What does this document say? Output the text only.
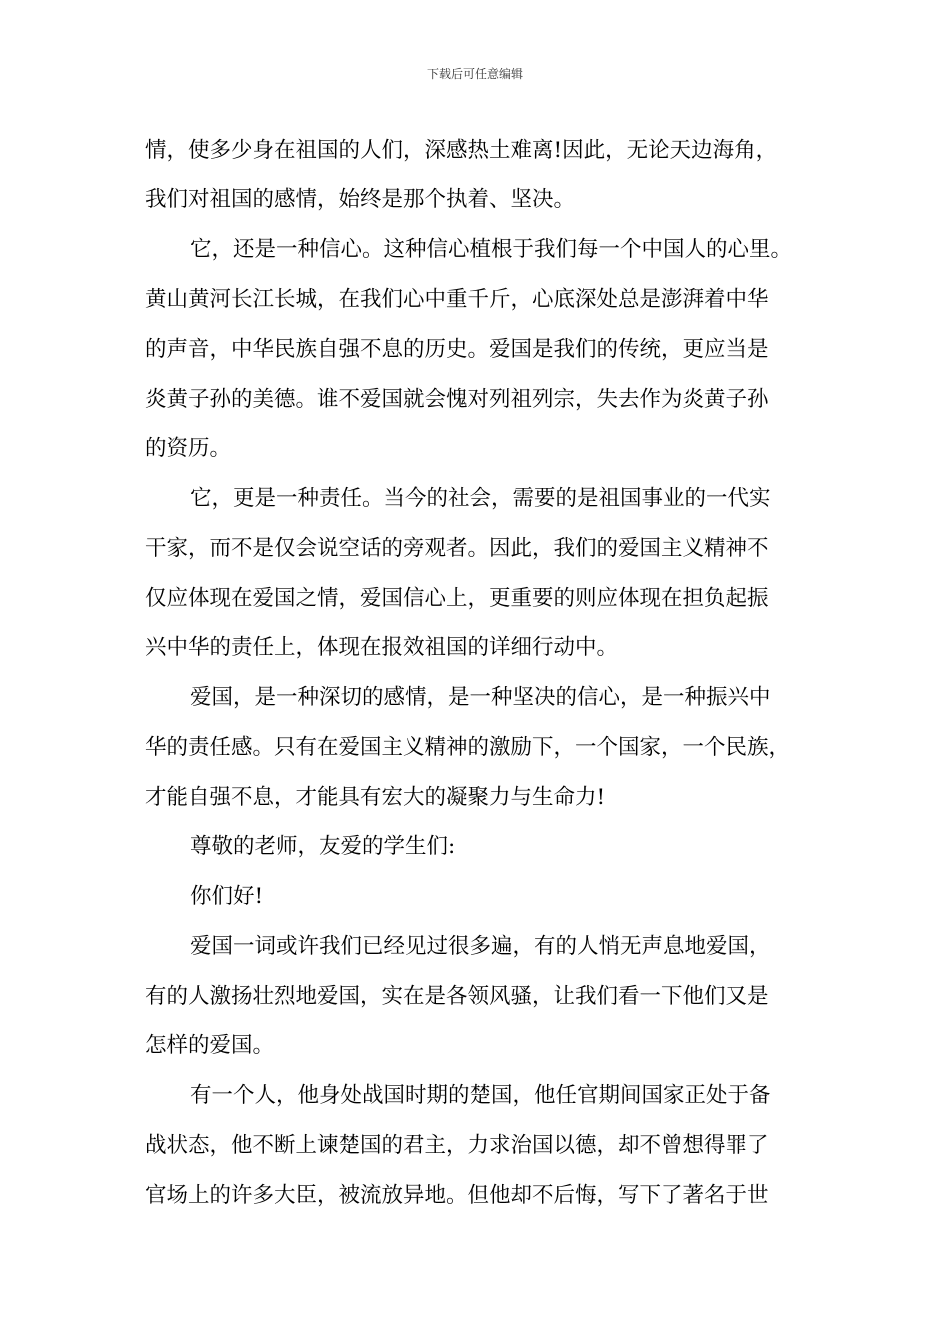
下载后可任意编辑
情，使多少身在祖国的人们，深感热土难离!因此，无论天边海角，
我们对祖国的感情，始终是那个执着、坚决。
它，还是一种信心。这种信心植根于我们每一个中国人的心里。
黄山黄河长江长城，在我们心中重千斤，心底深处总是澎湃着中华
的声音，中华民族自强不息的历史。爱国是我们的传统，更应当是
炎黄子孙的美德。谁不爱国就会愧对列祖列宗，失去作为炎黄子孙
的资历。
它，更是一种责任。当今的社会，需要的是祖国事业的一代实
干家，而不是仅会说空话的旁观者。因此，我们的爱国主义精神不
仅应体现在爱国之情，爱国信心上，更重要的则应体现在担负起振
兴中华的责任上，体现在报效祖国的详细行动中。
爱国，是一种深切的感情，是一种坚决的信心，是一种振兴中
华的责任感。只有在爱国主义精神的激励下，一个国家，一个民族，
才能自强不息，才能具有宏大的凝聚力与生命力!
尊敬的老师，友爱的学生们:
你们好!
爱国一词或许我们已经见过很多遍，有的人悄无声息地爱国，
有的人激扬壮烈地爱国，实在是各领风骚，让我们看一下他们又是
怎样的爱国。
有一个人，他身处战国时期的楚国，他任官期间国家正处于备
战状态，他不断上谏楚国的君主，力求治国以德，却不曾想得罪了
官场上的许多大臣，被流放异地。但他却不后悔，写下了著名于世
